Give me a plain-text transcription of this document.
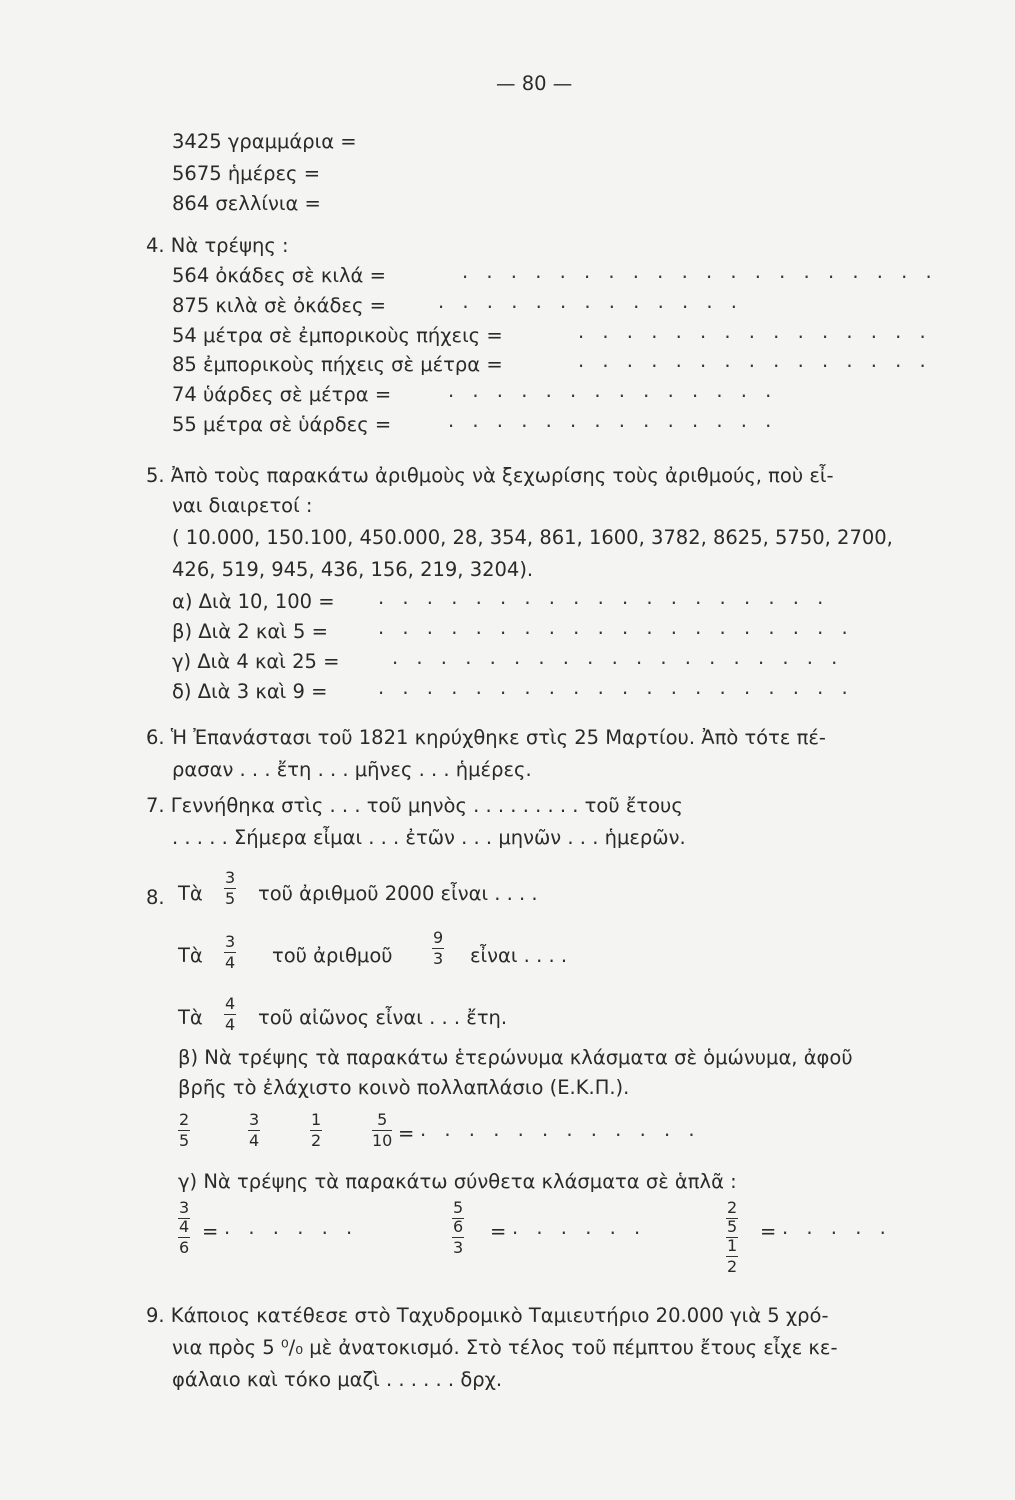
— 80 —
3425 γραμμάρια =
5675 ἡμέρες =
864 σελλίνια =
4. Νὰ τρέψης :
564 ὀκάδες σὲ κιλά =	. . . . . . . . . . . . . . . . . . . .
875 κιλὰ σὲ ὀκάδες =	. . . . . . . . . . . . .
54 μέτρα σὲ ἐμπορικοὺς πήχεις =	. . . . . . . . . . . . . . .
85 ἐμπορικοὺς πήχεις σὲ μέτρα =	. . . . . . . . . . . . . . .
74 ὑάρδες σὲ μέτρα =	. . . . . . . . . . . . . .
55 μέτρα σὲ ὑάρδες =	. . . . . . . . . . . . . .
5. Ἀπὸ τοὺς παρακάτω ἀριθμοὺς νὰ ξεχωρίσης τοὺς ἀριθμούς, ποὺ εἶ-
ναι διαιρετοί :
( 10.000, 150.100, 450.000, 28, 354, 861, 1600, 3782, 8625, 5750, 2700,
426, 519, 945, 436, 156, 219, 3204).
α) Διὰ 10, 100 = . . . . . . . . . . . . . . . . . . .
β) Διὰ 2 καὶ 5 =	. . . . . . . . . . . . . . . . . . . .
γ) Διὰ 4 καὶ 25 =	. . . . . . . . . . . . . . . . . . .
δ) Διὰ 3 καὶ 9 =	. . . . . . . . . . . . . . . . . . . .
6. Ἡ Ἐπανάστασι τοῦ 1821 κηρύχθηκε στὶς 25 Μαρτίου. Ἀπὸ τότε πέ-
ρασαν . . . ἔτη . . . μῆνες . . . ἡμέρες.
7. Γεννήθηκα στὶς . . . τοῦ μηνὸς . . . . . . . . . τοῦ ἔτους
. . . . . Σήμερα εἶμαι . . . ἐτῶν . . . μηνῶν . . . ἡμερῶν.
8. Τὰ $\frac{3}{5}$ τοῦ ἀριθμοῦ 2000 εἶναι . . . .
Τὰ $\frac{3}{4}$ τοῦ ἀριθμοῦ $\frac{9}{3}$ εἶναι . . . .
Τὰ $\frac{4}{4}$ τοῦ αἰῶνος εἶναι . . . ἔτη.
β) Νὰ τρέψης τὰ παρακάτω ἑτερώνυμα κλάσματα σὲ ὁμώνυμα, ἀφοῦ
βρῆς τὸ ἐλάχιστο κοινὸ πολλαπλάσιο (Ε.Κ.Π.).
$\frac{2}{5}$	$\frac{3}{4}$	$\frac{1}{2}$	$\frac{5}{10}$ = . . . . . . . . . . . .
γ) Νὰ τρέψης τὰ παρακάτω σύνθετα κλάσματα σὲ ἁπλᾶ :
3
4
6
= . . . . . .
5
6
3
= . . . . . .
2
5
1
2
= . . . . .
9. Κάποιος κατέθεσε στὸ Ταχυδρομικὸ Ταμιευτήριο 20.000 γιὰ 5 χρό-
νια πρὸς 5 ⁰/₀ μὲ ἀνατοκισμό. Στὸ τέλος τοῦ πέμπτου ἔτους εἶχε κε-
φάλαιο καὶ τόκο μαζὶ . . . . . . δρχ.
